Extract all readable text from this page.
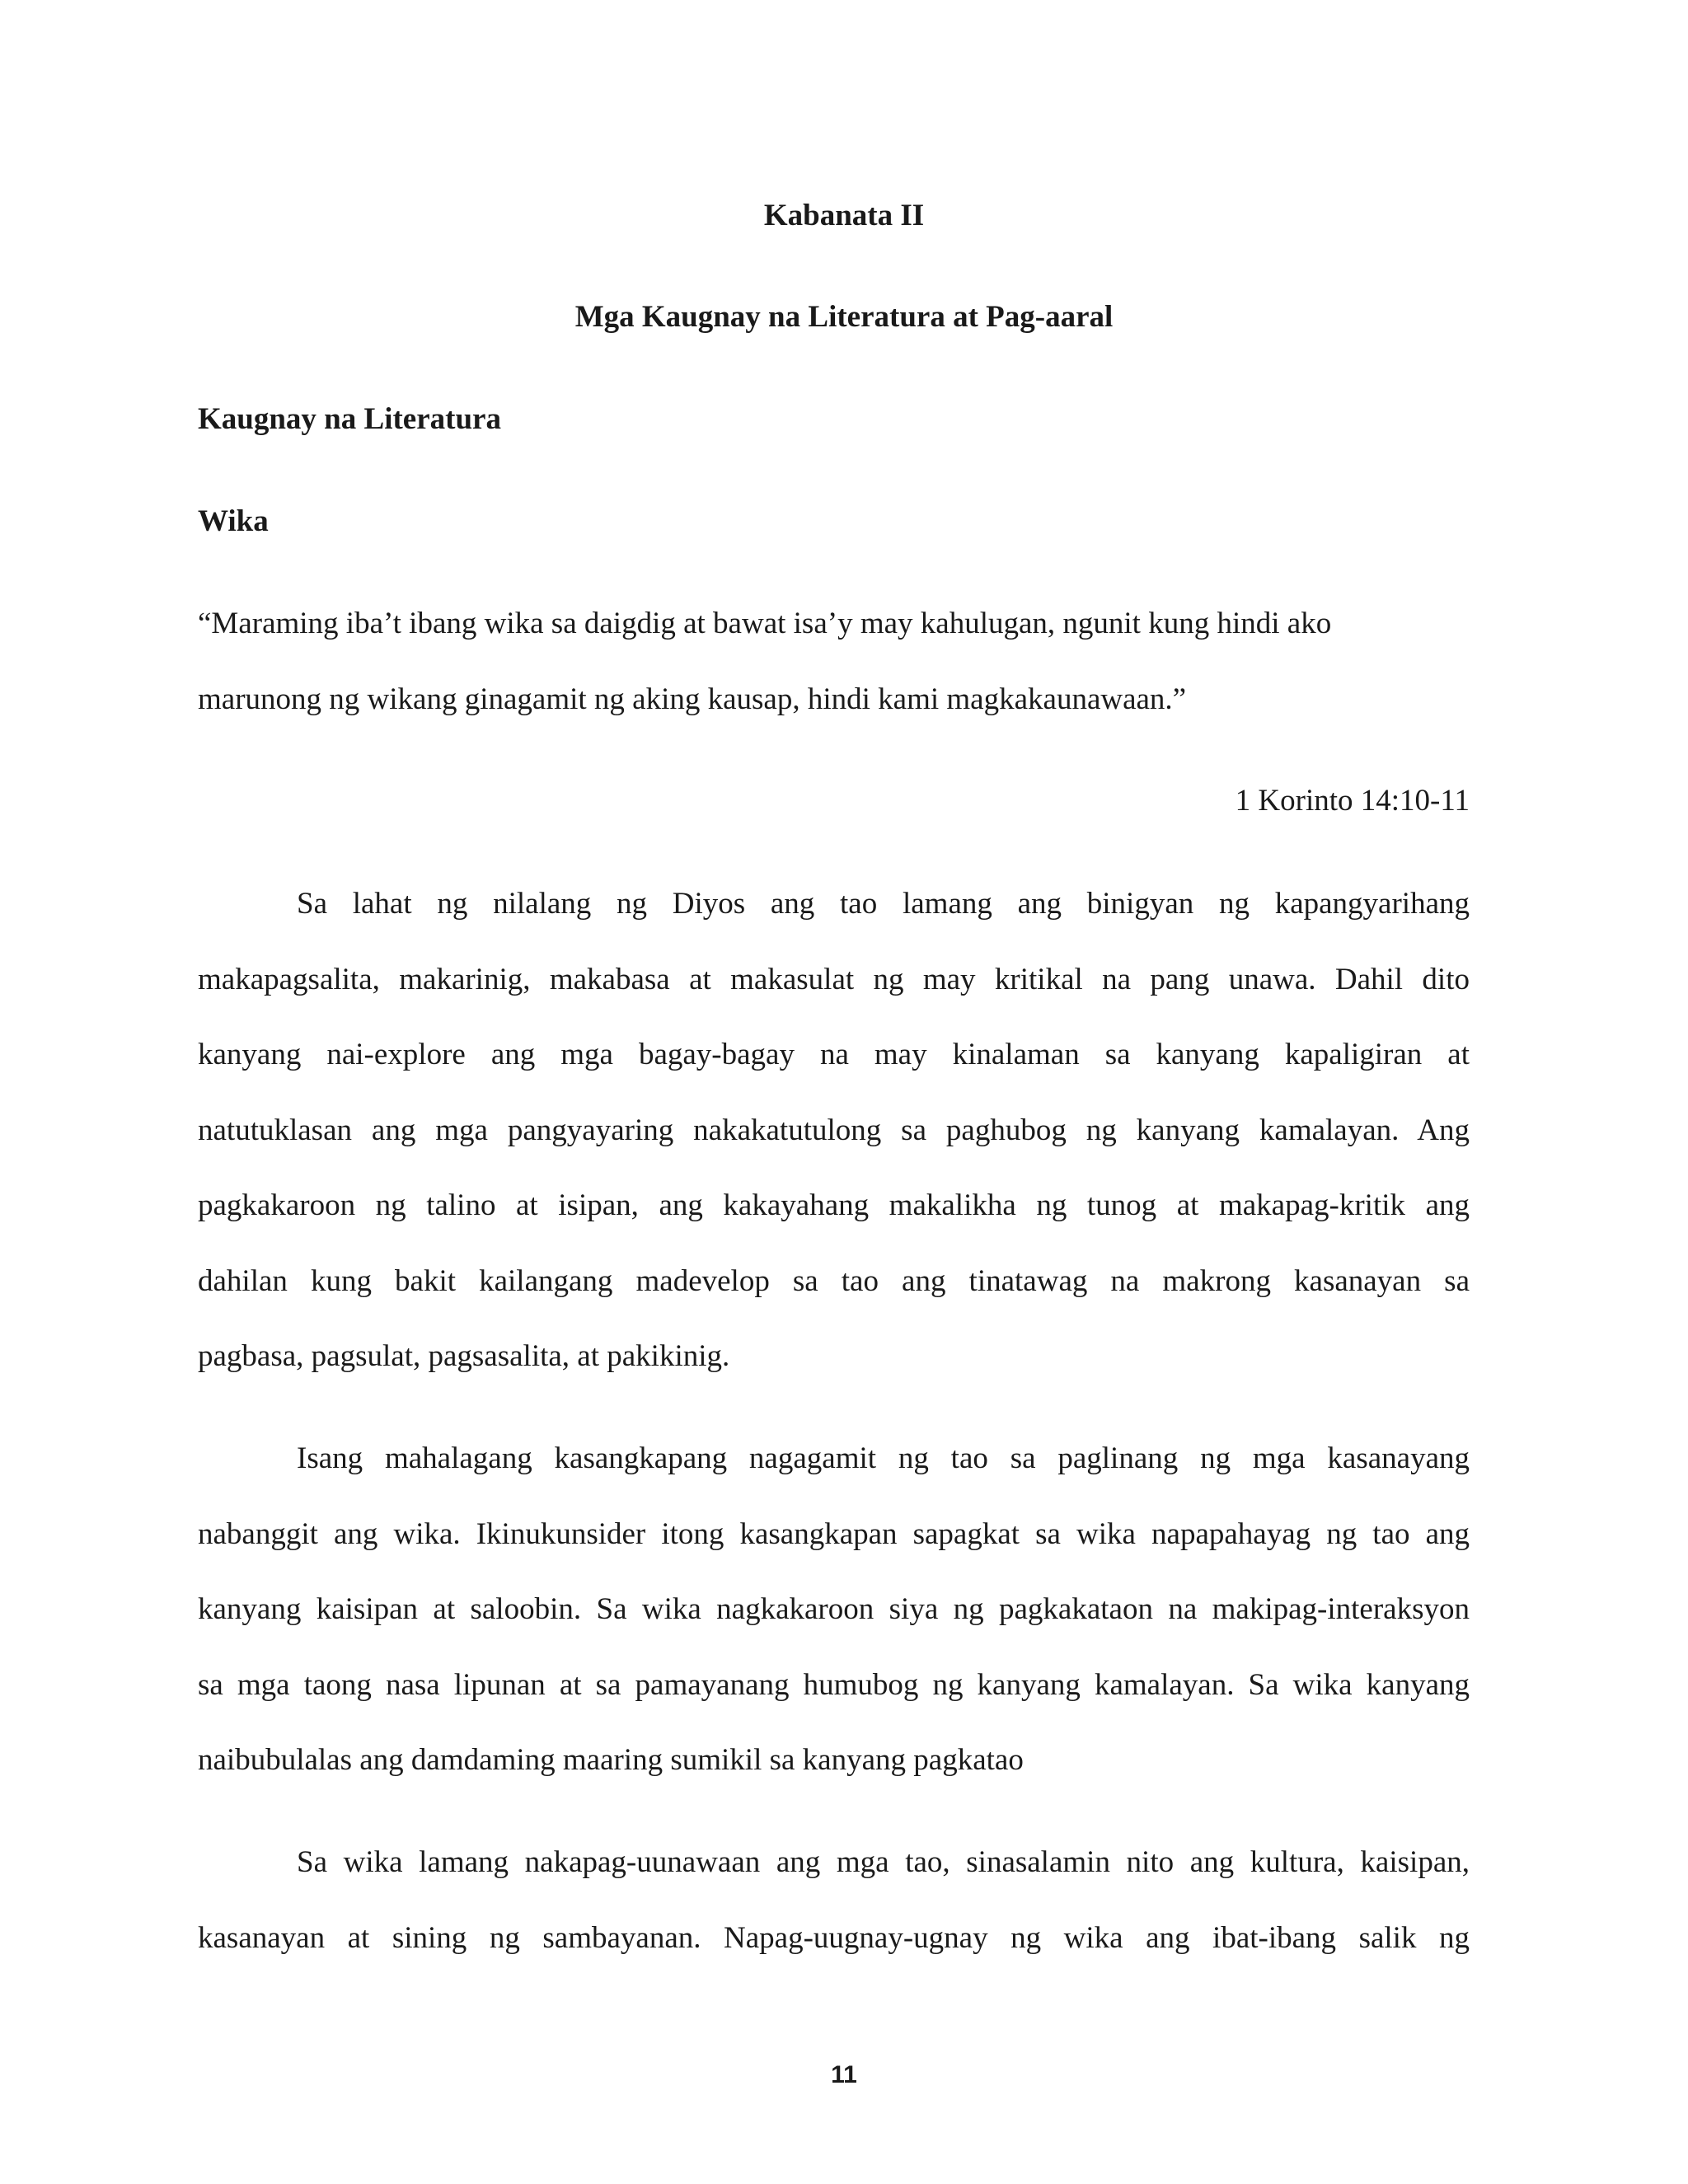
Kabanata II
Mga Kaugnay na Literatura at Pag-aaral
Kaugnay na Literatura
Wika
“Maraming iba’t ibang wika sa daigdig at bawat isa’y may kahulugan, ngunit kung hindi ako
marunong ng wikang ginagamit ng aking kausap, hindi kami magkakaunawaan.”
1 Korinto 14:10-11
Sa lahat ng nilalang ng Diyos ang tao lamang ang binigyan ng kapangyarihang
makapagsalita, makarinig, makabasa at makasulat ng may kritikal na pang unawa. Dahil dito
kanyang nai-explore ang mga bagay-bagay na may kinalaman sa kanyang kapaligiran at
natutuklasan ang mga pangyayaring nakakatutulong sa paghubog ng kanyang kamalayan. Ang
pagkakaroon ng talino at isipan, ang kakayahang makalikha ng tunog at makapag-kritik ang
dahilan kung bakit kailangang madevelop sa tao ang tinatawag na makrong kasanayan sa
pagbasa, pagsulat, pagsasalita, at pakikinig.
Isang mahalagang kasangkapang nagagamit ng tao sa paglinang ng mga kasanayang
nabanggit ang wika. Ikinukunsider itong kasangkapan sapagkat sa wika napapahayag ng tao ang
kanyang kaisipan at saloobin. Sa wika nagkakaroon siya ng pagkakataon na makipag-interaksyon
sa mga taong nasa lipunan at sa pamayanang humubog ng kanyang kamalayan. Sa wika kanyang
naibubulalas ang damdaming maaring sumikil sa kanyang pagkatao
Sa wika lamang nakapag-uunawaan ang mga tao, sinasalamin nito ang kultura, kaisipan,
kasanayan at sining ng sambayanan. Napag-uugnay-ugnay ng wika ang ibat-ibang salik ng
11
